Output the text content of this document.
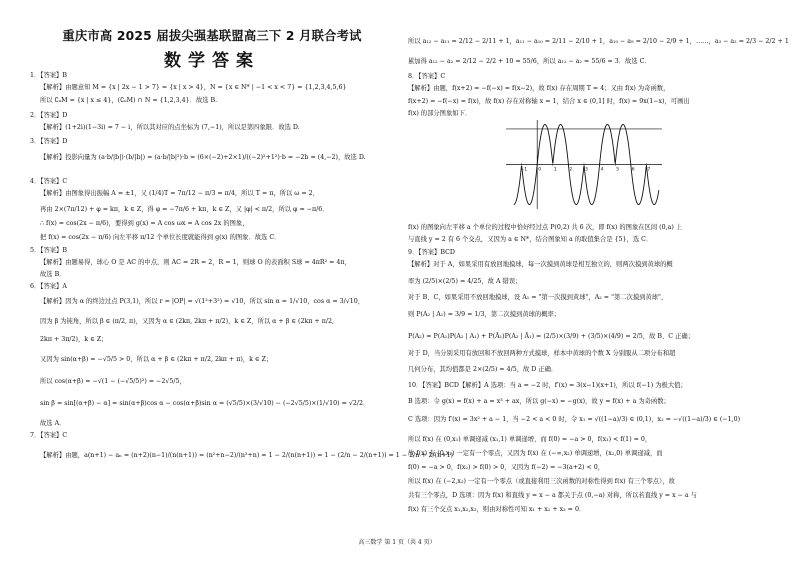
重庆市高 2025 届拔尖强基联盟高三下 2 月联合考试
数学答案
1．【答案】B
【解析】由题意知 M = {x | 2x − 1 > 7} = {x | x > 4}，N = {x ∈ N* | −1 < x < 7} = {1,2,3,4,5,6}
所以 ∁ᵤM = {x | x ≤ 4}，(∁ᵤM) ∩ N = {1,2,3,4}．故选 B.
2．【答案】D
【解析】(1+2i)(1−3i) = 7 − i，所以其对应的点坐标为 (7,−1)，所以是第四象限．故选 D.
3．【答案】D
【解析】投影向量为 (a·b/|b|)·(b/|b|) = (a·b/|b|²)·b = (6×(−2)+2×1)/((−2)²+1²)·b = −2b = (4,−2)，故选 D.
4．【答案】C
【解析】由图象得出振幅 A = ±1，又 (1/4)T = 7π/12 − π/3 = π/4，所以 T = π，所以 ω = 2，
再由 2×(7π/12) + φ = kπ，k ∈ Z，得 φ = −7π/6 + kπ，k ∈ Z，又 |φ| < π/2，所以 φ = −π/6．
∴ f(x) = cos(2x − π/6)，要得到 g(x) = A cos ωx = A cos 2x 的图象，
把 f(x) = cos(2x − π/6) 向左平移 π/12 个单位长度就能得到 g(x) 的图象．故选 C．
5．【答案】B
【解析】由题易得，球心 O 是 AC 的中点，则 AC = 2R = 2，R = 1，则球 O 的表面积 S球 = 4πR² = 4π，
故选 B．
6．【答案】A
【解析】因为 α 的终边过点 P(3,1)，所以 r = |OP| = √(1²+3²) = √10，所以 sin α = 1/√10，cos α = 3/√10，
因为 β 为钝角，所以 β ∈ (π/2, π)，又因为 α ∈ (2kπ, 2kπ + π/2)，k ∈ Z，所以 α + β ∈ (2kπ + π/2,
2kπ + 3π/2)，k ∈ Z；
又因为 sin(α+β) = −√5/5 > 0，所以 α + β ∈ (2kπ + π/2, 2kπ + π)，k ∈ Z；
所以 cos(α+β) = −√(1 − (−√5/5)²) = −2√5/5，
sin β = sin[(α+β) − α] = sin(α+β)cos α − cos(α+β)sin α = (√5/5)×(3/√10) − (−2√5/5)×(1/√10) = √2/2．
故选 A．
7．【答案】C
【解析】由题，a(n+1) − aₙ = (n+2)(n−1)/(n(n+1)) = (n²+n−2)/(n²+n) = 1 − 2/(n(n+1)) = 1 − (2/n − 2/(n+1)) = 1 − 2/n + 2/(n+1)
所以 a₁₂ − a₁₁ = 2/12 − 2/11 + 1，a₁₁ − a₁₀ = 2/11 − 2/10 + 1，a₁₀ − a₉ = 2/10 − 2/9 + 1，……，a₃ − a₂ = 2/3 − 2/2 + 1
累加得 a₁₂ − a₂ = 2/12 − 2/2 + 10 = 55/6，所以 a₁₂ − a₂ = 55/6 = 3．故选 C．
8．【答案】C
【解析】由题，f(x+2) = −f(−x) = f(x−2)，故 f(x) 存在周期 T = 4；又由 f(x) 为奇函数，
f(x+2) = −f(−x) = f(x)，故 f(x) 存在对称轴 x = 1，结合 x ∈ (0,1] 时，f(x) = 9x(1−x)，可画出
f(x) 的部分图象如下．
f(x) 的图象向左平移 a 个单位的过程中恰好经过点 P(0,2) 共 6 次，即 f(x) 的图象在区间 (0,a) 上
与直线 y = 2 有 6 个交点，又因为 a ∈ N*，结合图象知 a 的取值集合是 {5}，选 C．
9．【答案】BCD
【解析】对于 A，如果采用有放回地摸球，每一次摸到黄球是相互独立的，则两次摸到黄球的概
率为 (2/5)×(2/5) = 4/25，故 A 错误；
对于 B、C，如果采用不放回地摸球，设 A₁ = "第一次摸到黄球"，A₂ = "第二次摸到黄球"，
则 P(A₂ | A₁) = 3/9 = 1/3，第二次摸到黄球的概率；
P(A₂) = P(A₁)P(A₂ | A₁) + P(Ā₁)P(A₂ | Ā₁) = (2/5)×(3/9) + (3/5)×(4/9) = 2/5，故 B、C 正确；
对于 D，当分别采用有放回和不放回两种方式摸球，样本中黄球的个数 X 分别服从二项分布和超
几何分布，其均值都是 2×(2/5) = 4/5，故 D 正确．
10．【答案】BCD【解析】A 选项：当 a = −2 时，f′(x) = 3(x−1)(x+1)，所以 f(−1) 为极大值；
B 选项：令 g(x) = f(x) + a = x³ + ax，所以 g(−x) = −g(x)，故 y = f(x) + a 为奇函数；
C 选项：因为 f′(x) = 3x² + a − 1，当 −2 < a < 0 时，令 x₁ = √((1−a)/3) ∈ (0,1)，x₂ = −√((1−a)/3) ∈ (−1,0)
所以 f(x) 在 (0,x₁) 单调递减 (x₁,1) 单调递增，而 f(0) = −a > 0，f(x₁) < f(1) = 0，
故 f(x) 在 (0,x₁) 一定有一个零点，又因为 f(x) 在 (−∞,x₂) 单调递增，(x₂,0) 单调递减，而
f(0) = −a > 0，f(x₂) > f(0) > 0，又因为 f(−2) = −3(a+2) < 0，
所以 f(x) 在 (−2,x₂) 一定有一个零点（或直接利用三次函数的对称性得到 f(x) 有三个零点），故
共有三个零点，D 选项：因为 f(x) 和直线 y = x − a 都关于点 (0,−a) 对称，所以若直线 y = x − a 与
f(x) 有三个交点 x₁,x₂,x₃，则由对称性可知 x₁ + x₂ + x₃ = 0．
-1 0	1	2	3	4	5	6	7
高三数学 第 1 页（共 4 页）
